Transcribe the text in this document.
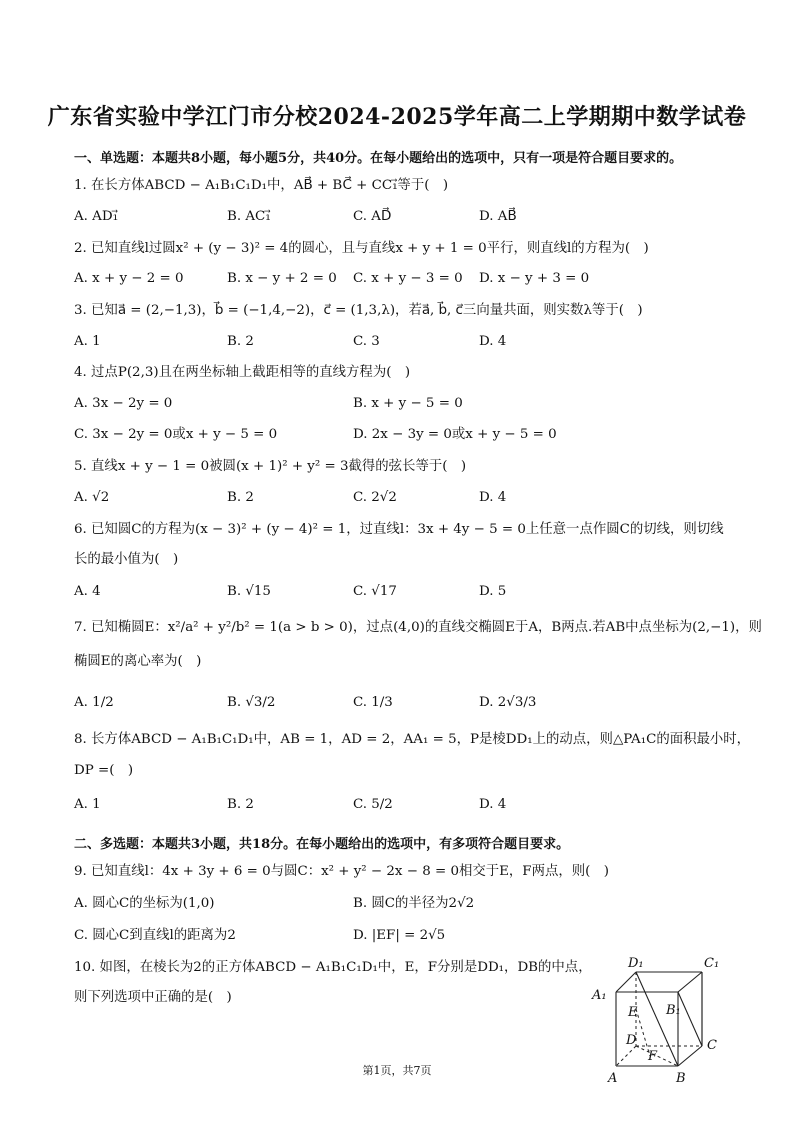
广东省实验中学江门市分校2024-2025学年高二上学期期中数学试卷
一、单选题：本题共8小题，每小题5分，共40分。在每小题给出的选项中，只有一项是符合题目要求的。
1. 在长方体ABCD − A₁B₁C₁D₁中，AB⃗ + BC⃗ + CC₁⃗等于(　)
A. AD₁⃗	B. AC₁⃗	C. AD⃗	D. AB⃗
2. 已知直线l过圆x² + (y − 3)² = 4的圆心，且与直线x + y + 1 = 0平行，则直线l的方程为(　)
A. x + y − 2 = 0	B. x − y + 2 = 0 C. x + y − 3 = 0 D. x − y + 3 = 0
3. 已知a⃗ = (2,−1,3)，b⃗ = (−1,4,−2)，c⃗ = (1,3,λ)，若a⃗, b⃗, c⃗三向量共面，则实数λ等于(　)
A. 1	B. 2	C. 3	D. 4
4. 过点P(2,3)且在两坐标轴上截距相等的直线方程为(　)
A. 3x − 2y = 0	B. x + y − 5 = 0
C. 3x − 2y = 0或x + y − 5 = 0	D. 2x − 3y = 0或x + y − 5 = 0
5. 直线x + y − 1 = 0被圆(x + 1)² + y² = 3截得的弦长等于(　)
A. √2	B. 2	C. 2√2	D. 4
6. 已知圆C的方程为(x − 3)² + (y − 4)² = 1，过直线l：3x + 4y − 5 = 0上任意一点作圆C的切线，则切线
长的最小值为(　)
A. 4	B. √15	C. √17	D. 5
7. 已知椭圆E：x²/a² + y²/b² = 1(a > b > 0)，过点(4,0)的直线交椭圆E于A，B两点.若AB中点坐标为(2,−1)，则
椭圆E的离心率为(　)
A. 1/2	B. √3/2	C. 1/3	D. 2√3/3
8. 长方体ABCD − A₁B₁C₁D₁中，AB = 1，AD = 2，AA₁ = 5，P是棱DD₁上的动点，则△PA₁C的面积最小时，
DP =(　)
A. 1	B. 2	C. 5/2	D. 4
二、多选题：本题共3小题，共18分。在每小题给出的选项中，有多项符合题目要求。
9. 已知直线l：4x + 3y + 6 = 0与圆C：x² + y² − 2x − 8 = 0相交于E，F两点，则(　)
A. 圆心C的坐标为(1,0)	B. 圆C的半径为2√2
C. 圆心C到直线l的距离为2	D. |EF| = 2√5
10. 如图，在棱长为2的正方体ABCD − A₁B₁C₁D₁中，E，F分别是DD₁，DB的中点，
则下列选项中正确的是(　)
D₁	C₁
A₁
B₁
E
D	C
F
A	B
第1页，共7页
